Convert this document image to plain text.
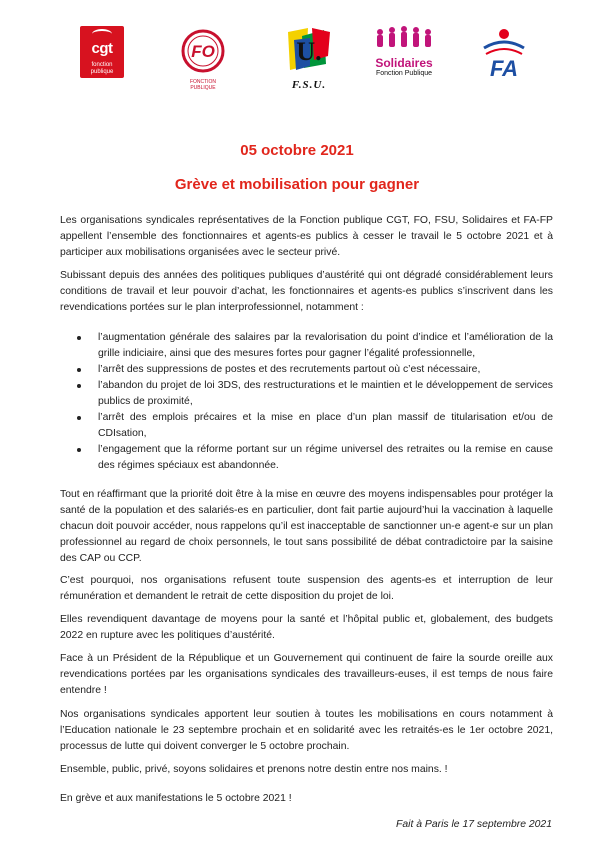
cgt
fonction publique
FO
FONCTION PUBLIQUE
U.
F.S.U.
Solidaires
Fonction Publique	FA
05 octobre 2021
Grève et mobilisation pour gagner

Les organisations syndicales représentatives de la Fonction publique CGT, FO, FSU, Solidaires et FA-FP appellent l’ensemble des fonctionnaires et agents-es publics à cesser le travail le 5 octobre 2021 et à participer aux mobilisations organisées avec le secteur privé.

Subissant depuis des années des politiques publiques d’austérité qui ont dégradé considérablement leurs conditions de travail et leur pouvoir d’achat, les fonctionnaires et agents-es publics s’inscrivent dans les revendications portées sur le plan interprofessionnel, notamment :

l’augmentation générale des salaires par la revalorisation du point d’indice et l’amélioration de la grille indiciaire, ainsi que des mesures fortes pour gagner l’égalité professionnelle,
l’arrêt des suppressions de postes et des recrutements partout où c’est nécessaire,
l’abandon du projet de loi 3DS, des restructurations et le maintien et le développement de services publics de proximité,
l’arrêt des emplois précaires et la mise en place d’un plan massif de titularisation et/ou de CDIsation,
l’engagement que la réforme portant sur un régime universel des retraites ou la remise en cause des régimes spéciaux est abandonnée.

Tout en réaffirmant que la priorité doit être à la mise en œuvre des moyens indispensables pour protéger la santé de la population et des salariés-es en particulier, dont fait partie aujourd’hui la vaccination à laquelle chacun doit pouvoir accéder, nous rappelons qu’il est inacceptable de sanctionner un-e agent-e sur un plan professionnel au regard de choix personnels, le tout sans possibilité de débat contradictoire par la saisine des CAP ou CCP.

C’est pourquoi, nos organisations refusent toute suspension des agents-es et interruption de leur rémunération et demandent le retrait de cette disposition du projet de loi.

Elles revendiquent davantage de moyens pour la santé et l’hôpital public et, globalement, des budgets 2022 en rupture avec les politiques d’austérité.

Face à un Président de la République et un Gouvernement qui continuent de faire la sourde oreille aux revendications portées par les organisations syndicales des travailleurs-euses, il est temps de nous faire entendre !

Nos organisations syndicales apportent leur soutien à toutes les mobilisations en cours notamment à l’Education nationale le 23 septembre prochain et en solidarité avec les retraités-es le 1er octobre 2021, processus de lutte qui doivent converger le 5 octobre prochain.

Ensemble, public, privé, soyons solidaires et prenons notre destin entre nos mains. !

En grève et aux manifestations le 5 octobre 2021 !

Fait à Paris le 17 septembre 2021
